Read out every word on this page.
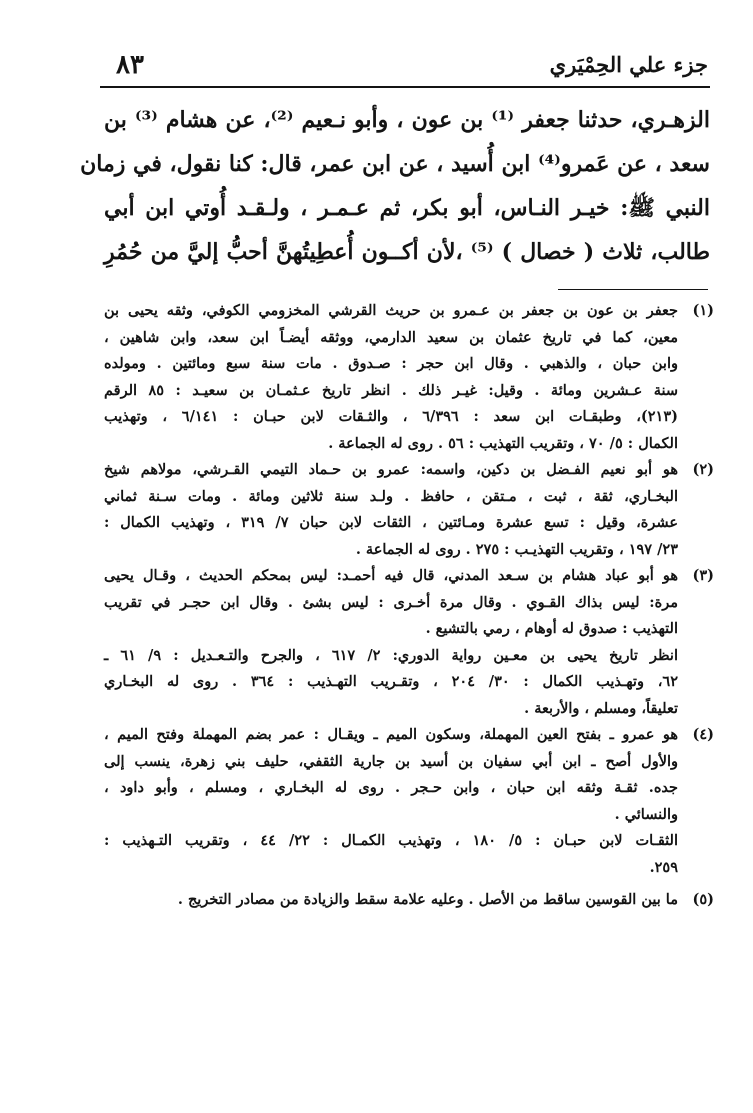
جزء علي الحِمْيَري
٨٣
الزهـري، حدثنا جعفر ⁽¹⁾ بن عون ، وأبو نـعيم ⁽²⁾، عن هشام ⁽³⁾ بن
سعد ، عن عَمرو⁽⁴⁾ ابن أُسيد ، عن ابن عمر، قال: كنا نقول، في زمان
النبي ﷺ: خيـر النـاس، أبو بكر، ثم عـمـر ، ولـقـد أُوتي ابن أبي
طالب، ثلاث ( خصال ) ⁽⁵⁾ ،لأن أكــون أُعطِيتُهنَّ أحبُّ إليَّ من حُمُرِ
(١)جعفر بن عون بن جعفر بن عـمرو بن حريث القرشي المخزومي الكوفي، وثقه يحيى بن
معين، كما في تاريخ عثمان بن سعيد الدارمي، ووثقه أيضـاً ابن سعد، وابن شاهين ،
وابن حبان ، والذهبي . وقال ابن حجر : صـدوق . مات سنة سبع ومائتين . ومولده
سنة عـشرين ومائة . وقيل: غيـر ذلك . انظر تاريخ عـثمـان بن سعيـد : ٨٥ الرقم
(٢١٣)، وطبقـات ابن سعد : ٦/٣٩٦ ، والثـقات لابن حبـان : ٦/١٤١ ، وتهذيب
الكمال : ٥/ ٧٠ ، وتقريب التهذيب : ٥٦ . روى له الجماعة .
(٢)هو أبو نعيم الفـضل بن دكين، واسمه: عمرو بن حـماد التيمي القـرشي، مولاهم شيخ
البخـاري، ثقة ، ثبت ، مـتقن ، حافظ . ولـد سنة ثلاثين ومائة . ومات سـنة ثماني
عشرة، وقيل : تسع عشرة ومـائتين ، الثقات لابن حبان ٧/ ٣١٩ ، وتهذيب الكمال :
٢٣/ ١٩٧ ، وتقريب التهذيـب : ٢٧٥ . روى له الجماعة .
(٣)هو أبو عباد هشام بن سـعد المدني، قال فيه أحمـد: ليس بمحكم الحديث ، وقـال يحيى
مرة: ليس بذاك القـوي . وقال مرة أخـرى : ليس بشئ . وقال ابن حجـر في تقريب
التهذيب : صدوق له أوهام ، رمي بالتشيع .
انظر تاريخ يحيى بن معـين رواية الدوري: ٢/ ٦١٧ ، والجرح والتـعـديل : ٩/ ٦١ ـ
٦٢، وتهـذيب الكمال : ٣٠/ ٢٠٤ ، وتقـريب التهـذيب : ٣٦٤ . روى له البخـاري
تعليقاً، ومسلم ، والأربعة .
(٤)هو عمرو ـ بفتح العين المهملة، وسكون الميم ـ ويقـال : عمر بضم المهملة وفتح الميم ،
والأول أصح ـ ابن أبي سفيان بن أسيد بن جارية الثقفي، حليف بني زهرة، ينسب إلى
جده. ثقـة وثقه ابن حبان ، وابن حـجر . روى له البخـاري ، ومسلم ، وأبو داود ،
والنسائي .
الثقـات لابن حبـان : ٥/ ١٨٠ ، وتهذيب الكمـال : ٢٢/ ٤٤ ، وتقريب التـهذيب :
٢٥٩.
(٥)ما بين القوسين ساقط من الأصل . وعليه علامة سقط والزيادة من مصادر التخريج .
